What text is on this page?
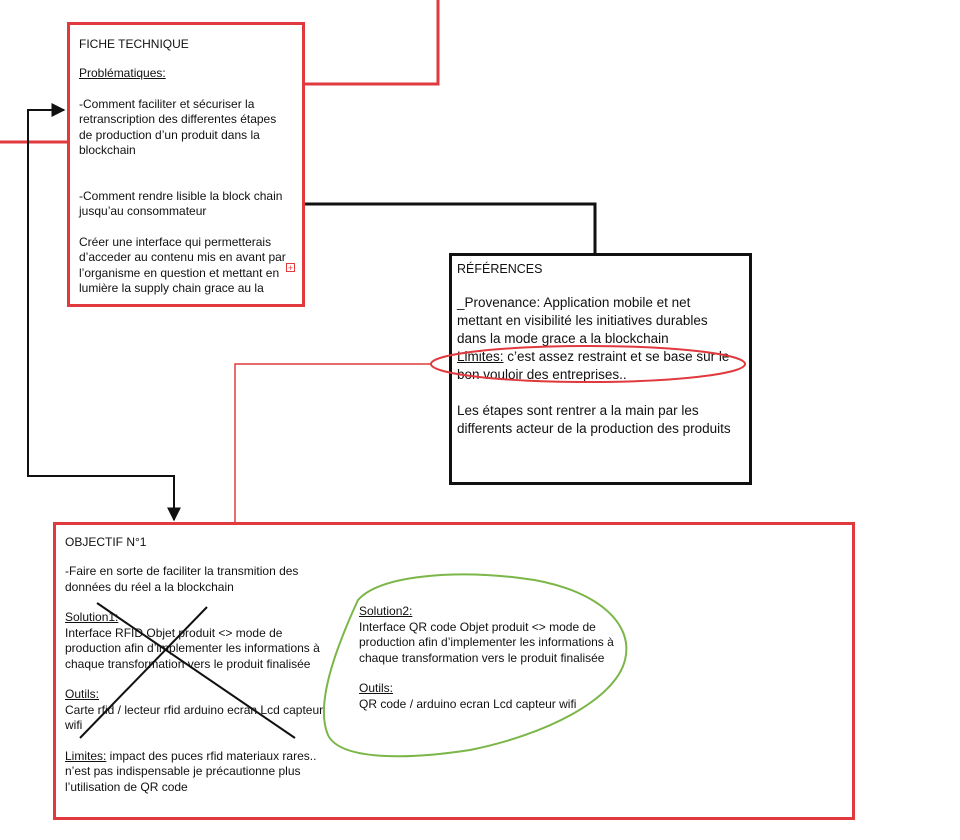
FICHE TECHNIQUE
Problématiques:
-Comment faciliter et sécuriser la
retranscription des differentes étapes
de production d’un produit dans la
blockchain
-Comment rendre lisible la block chain
jusqu’au consommateur
Créer une interface qui permetterais
d’acceder au contenu mis en avant par
l’organisme en question et mettant en
lumière la supply chain grace au la
+	RÉFÉRENCES
_Provenance: Application mobile et net
mettant en visibilité les initiatives durables
dans la mode grace a la blockchain
Limites: c’est assez restraint et se base sur le
bon vouloir des entreprises..
Les étapes sont rentrer a la main par les
differents acteur de la production des produits
OBJECTIF N°1
-Faire en sorte de faciliter la transmition des
données du réel a la blockchain
Solution1:
Interface RFID Objet produit <> mode de
production afin d’implementer les informations à
chaque transformation vers le produit finalisée
Outils:
Carte rfid / lecteur rfid arduino ecran Lcd capteur
wifi
Limites: impact des puces rfid materiaux rares..
n’est pas indispensable je précautionne plus
l’utilisation de QR code
Solution2:
Interface QR code Objet produit <> mode de
production afin d’implementer les informations à
chaque transformation vers le produit finalisée
Outils:
QR code / arduino ecran Lcd capteur wifi
